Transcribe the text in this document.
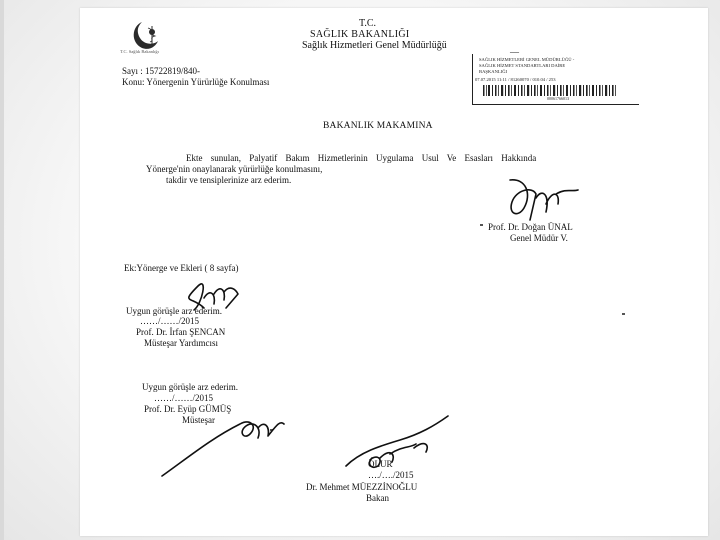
T.C. Sağlık Bakanlığı
T.C.
SAĞLIK BAKANLIĞI
Sağlık Hizmetleri Genel Müdürlüğü
—
SAĞLIK HİZMETLERİ GENEL MÜDÜRLÜĞÜ -
SAĞLIK HİZMET STANDARTLARI DAİRE
BAŞKANLIĞI
07.07.2015 11:11 / 81260070 / 010.04 / 253
00061766013
Sayı : 15722819/840-
Konu: Yönergenin Yürürlüğe Konulması
BAKANLIK MAKAMINA
Ekte sunulan, Palyatif Bakım Hizmetlerinin Uygulama Usul Ve Esasları Hakkında
Yönerge'nin onaylanarak yürürlüğe konulmasını,
takdir ve tensiplerinize arz ederim.
Prof. Dr. Doğan ÜNAL
Genel Müdür V.
Ek:Yönerge ve Ekleri ( 8 sayfa)
Uygun görüşle arz ederim.
……/……/2015
Prof. Dr. İrfan ŞENCAN
Müsteşar Yardımcısı
Uygun görüşle arz ederim.
……/……/2015
Prof. Dr. Eyüp GÜMÜŞ
Müsteşar
OLUR
…./…./2015
Dr. Mehmet MÜEZZİNOĞLU
Bakan
